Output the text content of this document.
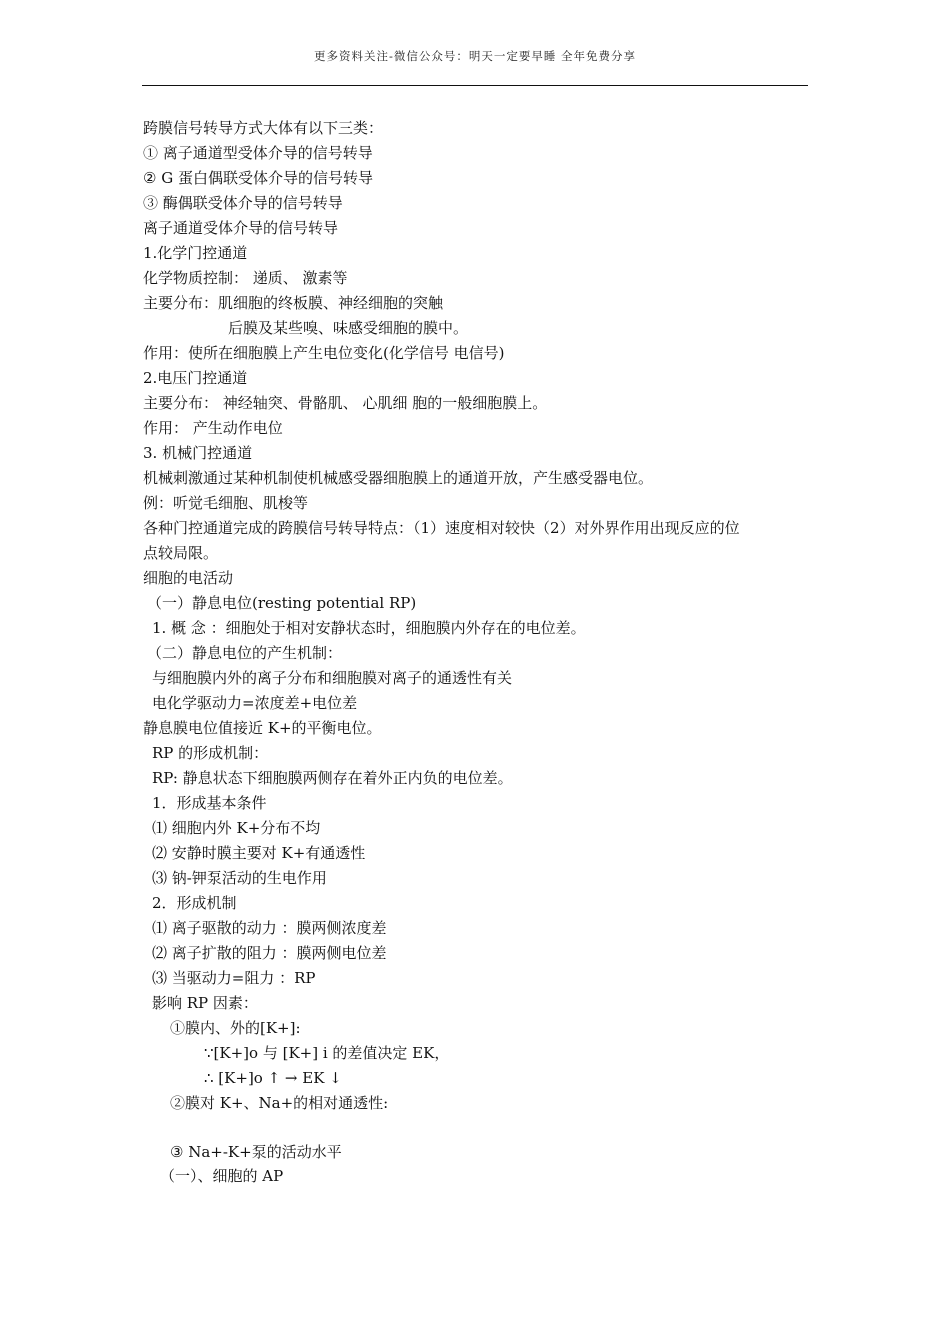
更多资料关注-微信公众号：明天一定要早睡 全年免费分享
跨膜信号转导方式大体有以下三类：
① 离子通道型受体介导的信号转导
② G 蛋白偶联受体介导的信号转导
③ 酶偶联受体介导的信号转导
离子通道受体介导的信号转导
1.化学门控通道
化学物质控制： 递质、 激素等
主要分布：肌细胞的终板膜、神经细胞的突触
后膜及某些嗅、味感受细胞的膜中。
作用：使所在细胞膜上产生电位变化(化学信号 电信号)
2.电压门控通道
主要分布： 神经轴突、骨骼肌、 心肌细 胞的一般细胞膜上。
作用： 产生动作电位
3. 机械门控通道
机械刺激通过某种机制使机械感受器细胞膜上的通道开放，产生感受器电位。
例：听觉毛细胞、肌梭等
各种门控通道完成的跨膜信号转导特点：（1）速度相对较快（2）对外界作用出现反应的位
点较局限。
细胞的电活动
（一）静息电位(resting potential RP)
1. 概 念 ：细胞处于相对安静状态时，细胞膜内外存在的电位差。
（二）静息电位的产生机制：
与细胞膜内外的离子分布和细胞膜对离子的通透性有关
电化学驱动力=浓度差+电位差
静息膜电位值接近 K+的平衡电位。
RP 的形成机制：
RP: 静息状态下细胞膜两侧存在着外正内负的电位差。
1．形成基本条件
⑴ 细胞内外 K+分布不均
⑵ 安静时膜主要对 K+有通透性
⑶ 钠-钾泵活动的生电作用
2．形成机制
⑴ 离子驱散的动力 ：膜两侧浓度差
⑵ 离子扩散的阻力 ：膜两侧电位差
⑶ 当驱动力=阻力 ：RP
影响 RP 因素：
①膜内、外的[K+]:
∵[K+]o 与 [K+] i 的差值决定 EK，
∴ [K+]o ↑ → EK ↓
②膜对 K+、Na+的相对通透性:
③ Na+-K+泵的活动水平
（一）、细胞的 AP
